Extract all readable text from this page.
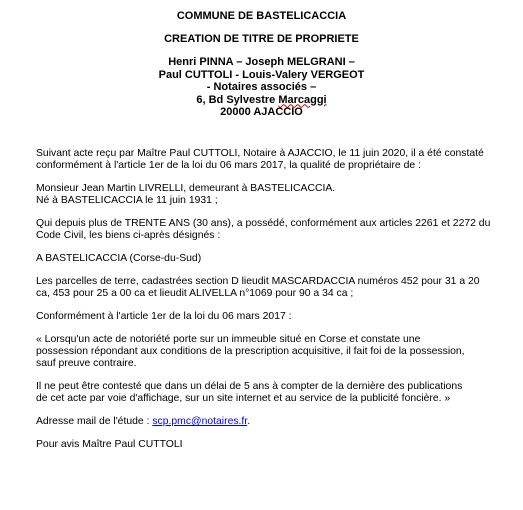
COMMUNE DE BASTELICACCIA
CREATION DE TITRE DE PROPRIETE
Henri PINNA – Joseph MELGRANI –
Paul CUTTOLI - Louis-Valery VERGEOT
- Notaires associés –
6, Bd Sylvestre Marcaggi
20000 AJACCIO

Suivant acte reçu par Maître Paul CUTTOLI, Notaire à AJACCIO, le 11 juin 2020, il a été constaté
conformément à l'article 1er de la loi du 06 mars 2017, la qualité de propriétaire de :

Monsieur Jean Martin LIVRELLI, demeurant à BASTELICACCIA.
Né à BASTELICACCIA le 11 juin 1931 ;

Qui depuis plus de TRENTE ANS (30 ans), a possédé, conformément aux articles 2261 et 2272 du
Code Civil, les biens ci-après désignés :

A BASTELICACCIA (Corse-du-Sud)

Les parcelles de terre, cadastrées section D lieudit MASCARDACCIA numéros 452 pour 31 a 20
ca, 453 pour 25 a 00 ca et lieudit ALIVELLA n°1069 pour 90 a 34 ca ;

Conformément à l'article 1er de la loi du 06 mars 2017 :

« Lorsqu'un acte de notoriété porte sur un immeuble situé en Corse et constate une
possession répondant aux conditions de la prescription acquisitive, il fait foi de la possession,
sauf preuve contraire.

Il ne peut être contesté que dans un délai de 5 ans à compter de la dernière des publications
de cet acte par voie d'affichage, sur un site internet et au service de la publicité foncière. »

Adresse mail de l'étude : scp.pmc@notaires.fr.

Pour avis Maître Paul CUTTOLI
